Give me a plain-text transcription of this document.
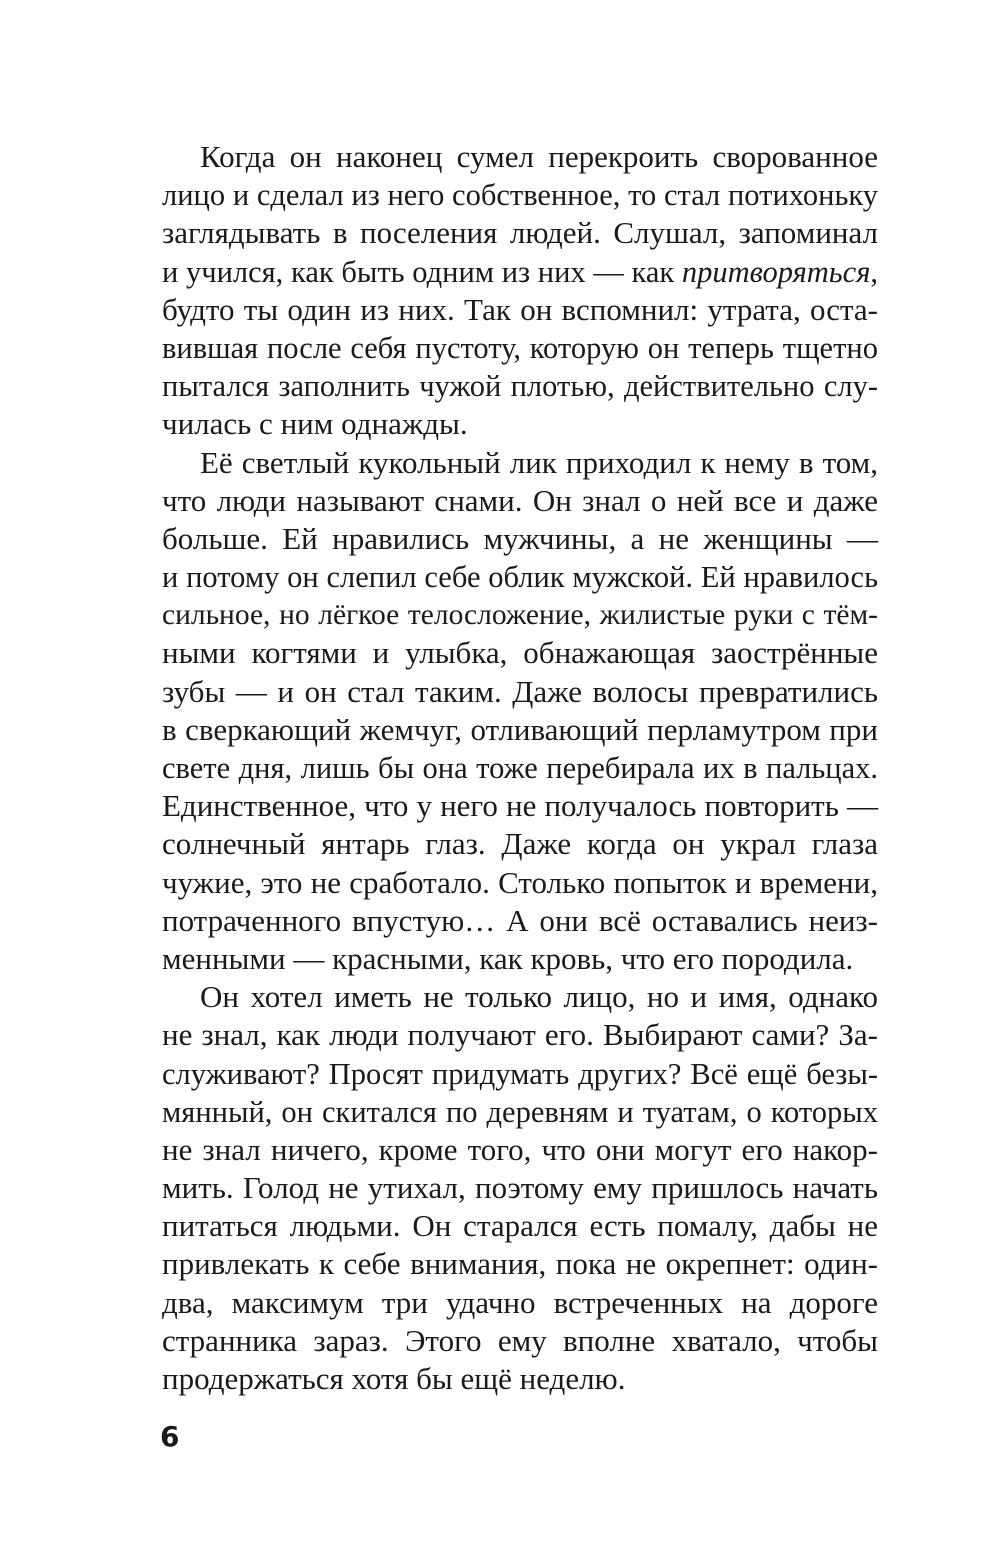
Когда он наконец сумел перекроить сворованное
лицо и сделал из него собственное, то стал потихоньку
заглядывать в поселения людей. Слушал, запоминал
и учился, как быть одним из них — как притворяться,
будто ты один из них. Так он вспомнил: утрата, оста-
вившая после себя пустоту, которую он теперь тщетно
пытался заполнить чужой плотью, действительно слу-
чилась с ним однажды.
Её светлый кукольный лик приходил к нему в том,
что люди называют снами. Он знал о ней все и даже
больше. Ей нравились мужчины, а не женщины —
и потому он слепил себе облик мужской. Ей нравилось
сильное, но лёгкое телосложение, жилистые руки с тём-
ными когтями и улыбка, обнажающая заострённые
зубы — и он стал таким. Даже волосы превратились
в сверкающий жемчуг, отливающий перламутром при
свете дня, лишь бы она тоже перебирала их в пальцах.
Единственное, что у него не получалось повторить —
солнечный янтарь глаз. Даже когда он украл глаза
чужие, это не сработало. Столько попыток и времени,
потраченного впустую… А они всё оставались неиз-
менными — красными, как кровь, что его породила.
Он хотел иметь не только лицо, но и имя, однако
не знал, как люди получают его. Выбирают сами? За-
служивают? Просят придумать других? Всё ещё безы-
мянный, он скитался по деревням и туатам, о которых
не знал ничего, кроме того, что они могут его накор-
мить. Голод не утихал, поэтому ему пришлось начать
питаться людьми. Он старался есть помалу, дабы не
привлекать к себе внимания, пока не окрепнет: один-
два, максимум три удачно встреченных на дороге
странника зараз. Этого ему вполне хватало, чтобы
продержаться хотя бы ещё неделю.
6
